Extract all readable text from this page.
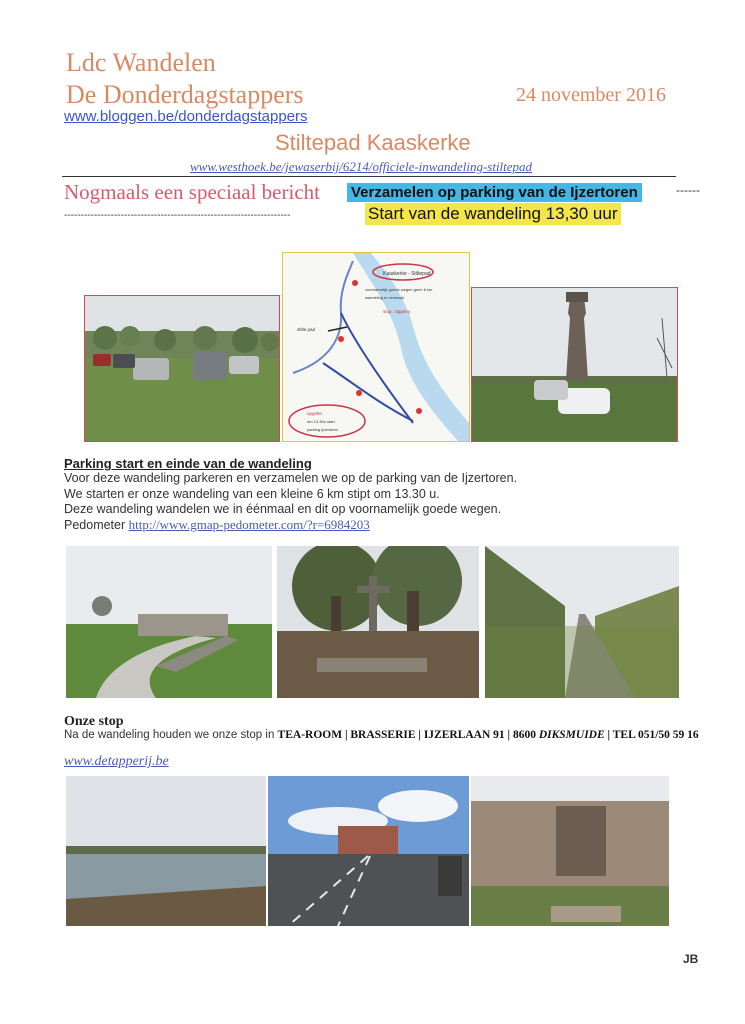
Ldc Wandelen
De Donderdagstappers	24 november 2016
www.bloggen.be/donderdagstappers
Stiltepad Kaaskerke
www.westhoek.be/jewaserbij/6214/officiele-inwandeling-stiltepad
Nogmaals een speciaal bericht Verzamelen op parking van de Ijzertoren	------
--------------------------------------------------------------------	Start van de wandeling 13,30 uur
Kaaskerke - Stiltepad
voornamelijk goede wegen geen 6 km
wandeling in eenmaal
stop : tappery
stilte pad
opgelet
om 13.30u start
parking Ijzertoren
Parking start en einde van de wandeling
Voor deze wandeling parkeren en verzamelen we op de parking van de Ijzertoren.
We starten er onze wandeling van een kleine 6 km stipt om 13.30 u.
Deze wandeling wandelen we in éénmaal en dit op voornamelijk goede wegen.
Pedometer http://www.gmap-pedometer.com/?r=6984203
Onze stop
Na de wandeling houden we onze stop in TEA-ROOM | BRASSERIE | IJZERLAAN 91 | 8600 DIKSMUIDE | TEL 051/50 59 16
www.detapperij.be
JB
